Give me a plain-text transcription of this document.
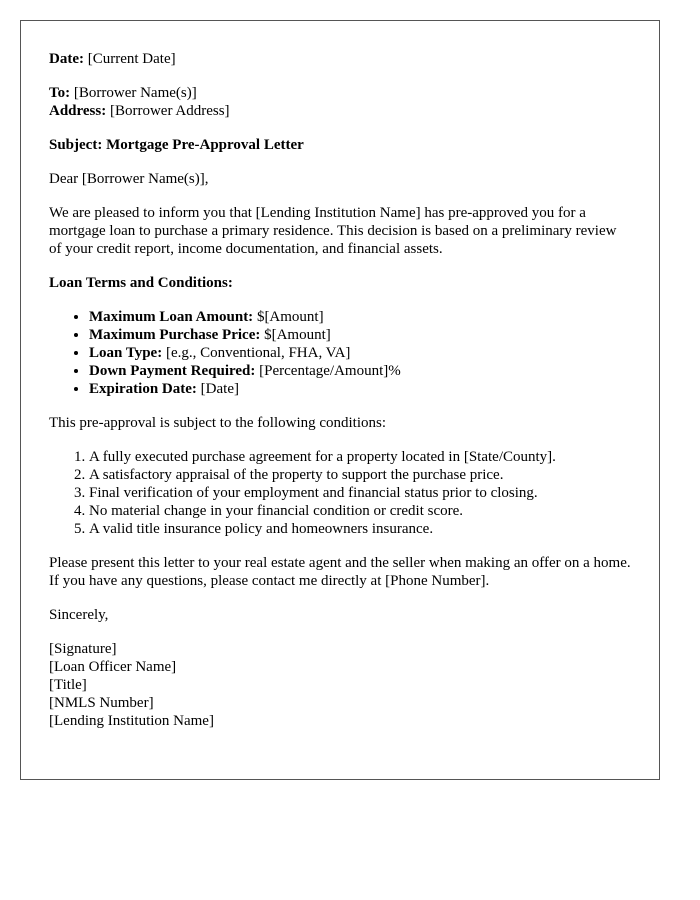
Date: [Current Date]

To: [Borrower Name(s)]
Address: [Borrower Address]

Subject: Mortgage Pre-Approval Letter

Dear [Borrower Name(s)],

We are pleased to inform you that [Lending Institution Name] has pre-approved you for a mortgage loan to purchase a primary residence. This decision is based on a preliminary review of your credit report, income documentation, and financial assets.

Loan Terms and Conditions:

• Maximum Loan Amount: $[Amount]
• Maximum Purchase Price: $[Amount]
• Loan Type: [e.g., Conventional, FHA, VA]
• Down Payment Required: [Percentage/Amount]%
• Expiration Date: [Date]

This pre-approval is subject to the following conditions:

1. A fully executed purchase agreement for a property located in [State/County].
2. A satisfactory appraisal of the property to support the purchase price.
3. Final verification of your employment and financial status prior to closing.
4. No material change in your financial condition or credit score.
5. A valid title insurance policy and homeowners insurance.

Please present this letter to your real estate agent and the seller when making an offer on a home. If you have any questions, please contact me directly at [Phone Number].

Sincerely,

[Signature]
[Loan Officer Name]
[Title]
[NMLS Number]
[Lending Institution Name]
